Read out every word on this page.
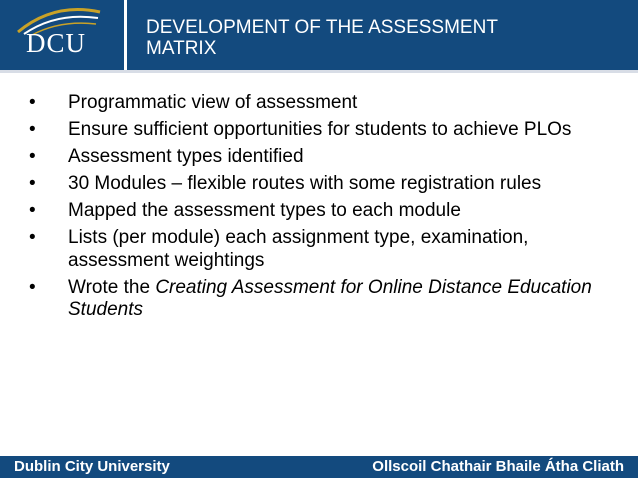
DCU
DEVELOPMENT OF THE ASSESSMENT
MATRIX
• Programmatic view of assessment
• Ensure sufficient opportunities for students to achieve PLOs
• Assessment types identified
• 30 Modules – flexible routes with some registration rules
• Mapped the assessment types to each module
• Lists (per module) each assignment type, examination, assessment weightings
• Wrote the Creating Assessment for Online Distance Education Students
Dublin City University	Ollscoil Chathair Bhaile Átha Cliath
